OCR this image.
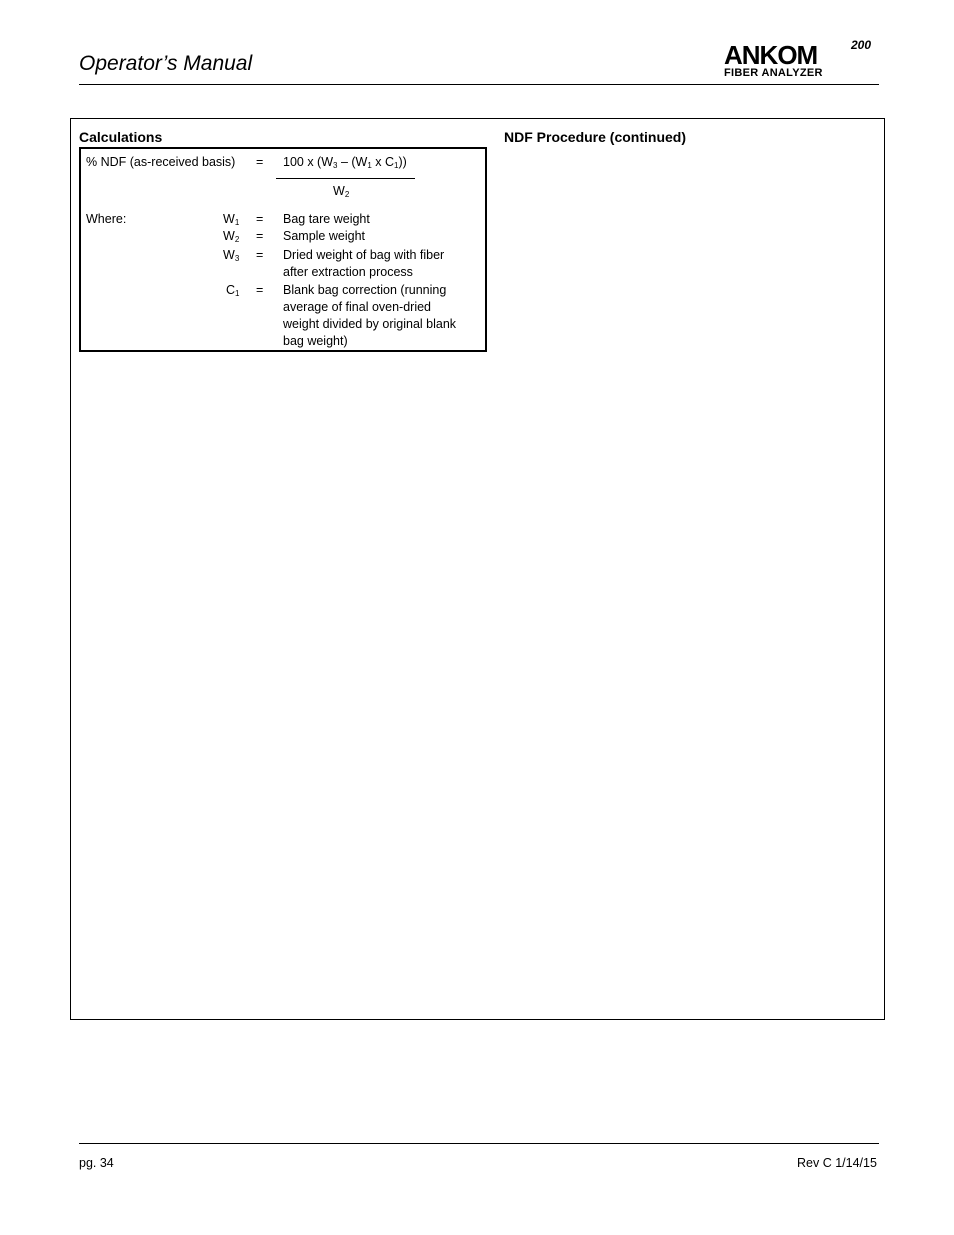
Operator’s Manual	ANKOM	200
FIBER ANALYZER
Calculations	NDF Procedure (continued)
% NDF (as-received basis) = 100 x ($W_3 - (W_1$ x $C_1$))
$W_2$
Where:	$W_1$ = Bag tare weight
$W_2$ = Sample weight
$W_3$ = Dried weight of bag with fiber
after extraction process
$C_1$ = Blank bag correction (running
average of final oven-dried
weight divided by original blank
bag weight)
pg. 34	Rev C 1/14/15
